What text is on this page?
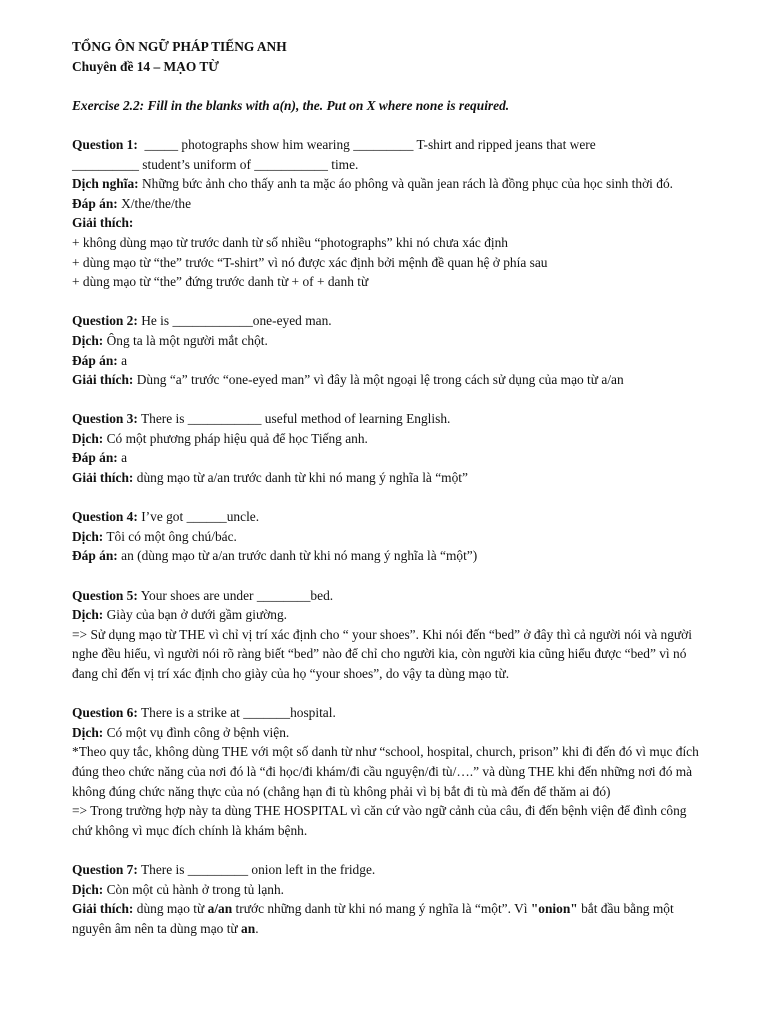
TỔNG ÔN NGỮ PHÁP TIẾNG ANH
Chuyên đề 14 – MẠO TỪ
Exercise 2.2: Fill in the blanks with a(n), the. Put on X where none is required.
Question 1: _____ photographs show him wearing _________ T-shirt and ripped jeans that were
__________ student’s uniform of ___________ time.
Dịch nghĩa: Những bức ảnh cho thấy anh ta mặc áo phông và quần jean rách là đồng phục của học sinh thời đó.
Đáp án: X/the/the/the
Giải thích:
+ không dùng mạo từ trước danh từ số nhiều “photographs” khi nó chưa xác định
+ dùng mạo từ “the” trước “T-shirt” vì nó được xác định bởi mệnh đề quan hệ ở phía sau
+ dùng mạo từ “the” đứng trước danh từ + of + danh từ
Question 2: He is ____________one-eyed man.
Dịch: Ông ta là một người mắt chột.
Đáp án: a
Giải thích: Dùng “a” trước “one-eyed man” vì đây là một ngoại lệ trong cách sử dụng của mạo từ a/an
Question 3: There is ___________ useful method of learning English.
Dịch: Có một phương pháp hiệu quả để học Tiếng anh.
Đáp án: a
Giải thích: dùng mạo từ a/an trước danh từ khi nó mang ý nghĩa là “một”
Question 4: I’ve got ______uncle.
Dịch: Tôi có một ông chú/bác.
Đáp án: an (dùng mạo từ a/an trước danh từ khi nó mang ý nghĩa là “một”)
Question 5: Your shoes are under ________bed.
Dịch: Giày của bạn ở dưới gầm giường.
=> Sử dụng mạo từ THE vì chỉ vị trí xác định cho “ your shoes”. Khi nói đến “bed” ở đây thì cả người nói và người nghe đều hiểu, vì người nói rõ ràng biết “bed” nào để chỉ cho người kia, còn người kia cũng hiểu được “bed” vì nó đang chỉ đến vị trí xác định cho giày của họ “your shoes”, do vậy ta dùng mạo từ.
Question 6: There is a strike at _______hospital.
Dịch: Có một vụ đình công ở bệnh viện.
*Theo quy tắc, không dùng THE với một số danh từ như “school, hospital, church, prison” khi đi đến đó vì mục đích đúng theo chức năng của nơi đó là “đi học/đi khám/đi cầu nguyện/đi tù/….” và dùng THE khi đến những nơi đó mà không đúng chức năng thực của nó (chẳng hạn đi tù không phải vì bị bắt đi tù mà đến để thăm ai đó)
=> Trong trường hợp này ta dùng THE HOSPITAL vì căn cứ vào ngữ cảnh của câu, đi đến bệnh viện để đình công chứ không vì mục đích chính là khám bệnh.
Question 7: There is _________ onion left in the fridge.
Dịch: Còn một củ hành ở trong tủ lạnh.
Giải thích: dùng mạo từ a/an trước những danh từ khi nó mang ý nghĩa là “một”. Vì "onion" bắt đầu bằng một nguyên âm nên ta dùng mạo từ an.
